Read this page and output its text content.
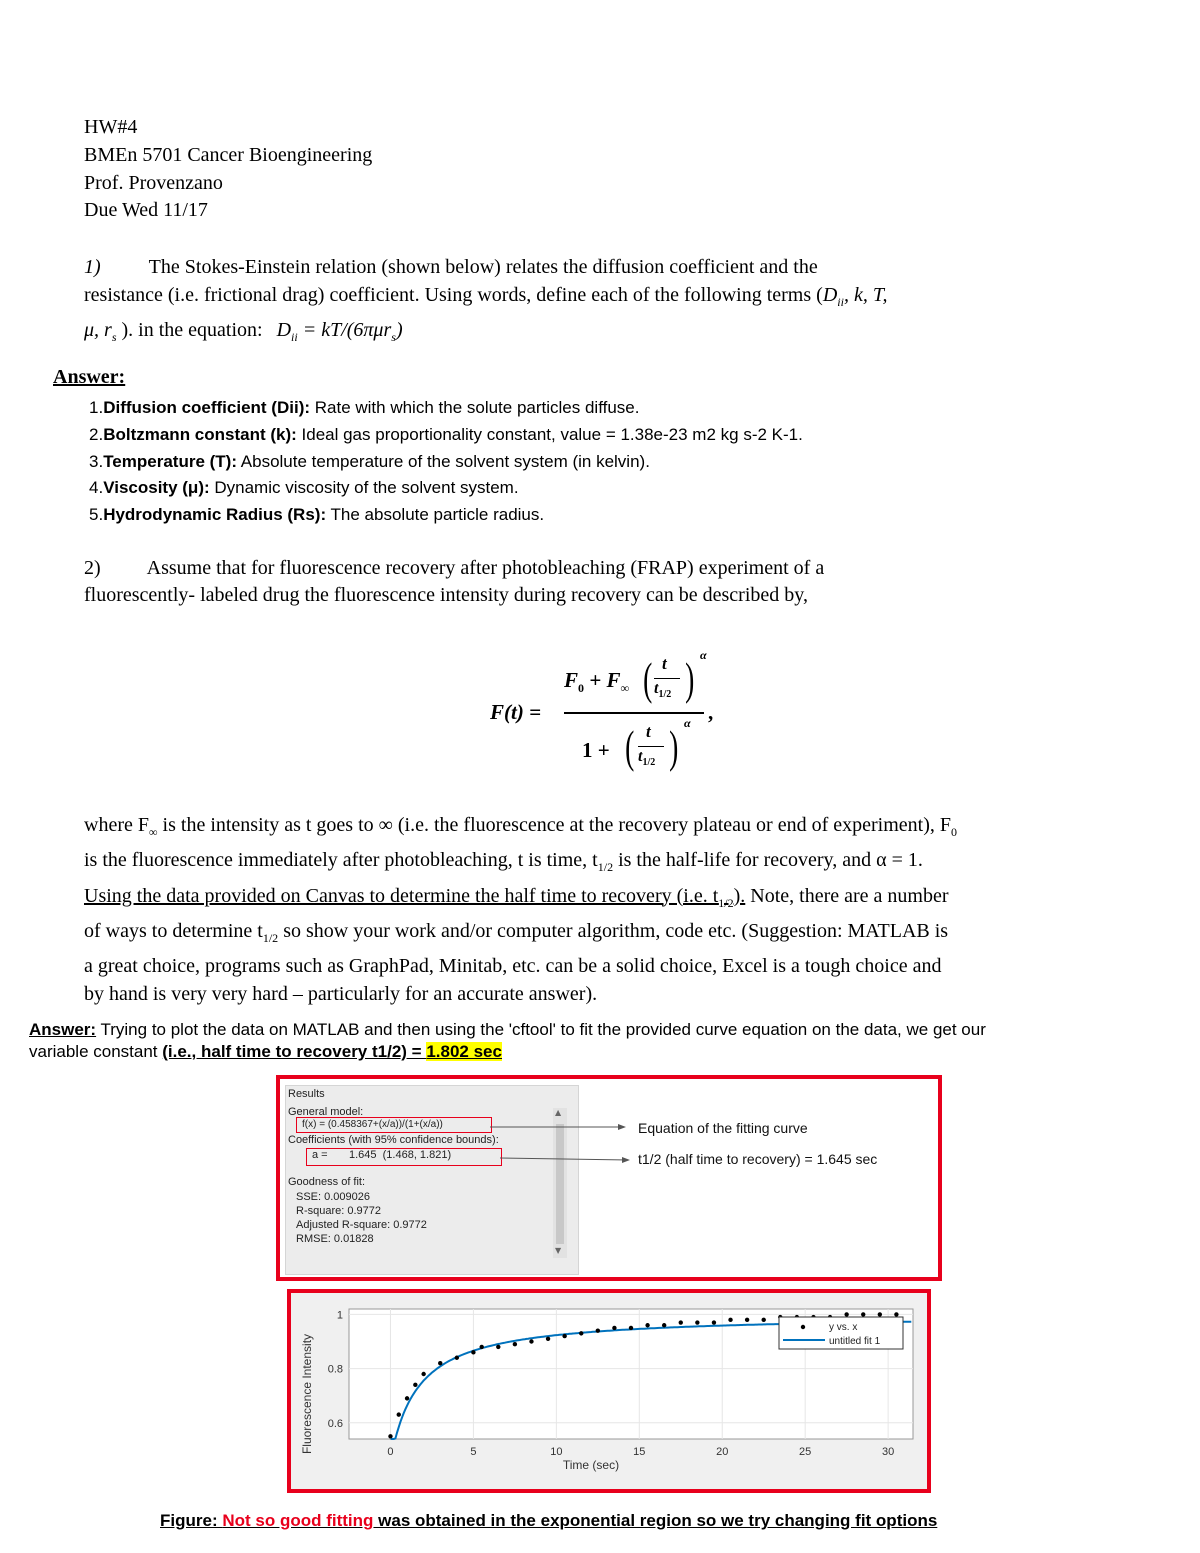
HW#4
BMEn 5701 Cancer Bioengineering
Prof. Provenzano
Due Wed 11/17
1) The Stokes-Einstein relation (shown below) relates the diffusion coefficient and the
resistance (i.e. frictional drag) coefficient. Using words, define each of the following terms ($D_{ii}$, k, T,
μ, $r_s$ ). in the equation: $D_{ii} = kT/(6\pi\mu r_s)$
Answer:
1.Diffusion coefficient (Dii): Rate with which the solute particles diffuse.
2.Boltzmann constant (k): Ideal gas proportionality constant, value = 1.38e-23 m2 kg s-2 K-1.
3.Temperature (T): Absolute temperature of the solvent system (in kelvin).
4.Viscosity (μ): Dynamic viscosity of the solvent system.
5.Hydrodynamic Radius (Rs): The absolute particle radius.
2) Assume that for fluorescence recovery after photobleaching (FRAP) experiment of a
fluorescently- labeled drug the fluorescence intensity during recovery can be described by,
F(t) =
$F_0 + F_\infty$ ( t
$t_{1/2}$ ) α
1 + ( t
$t_{1/2}$ ) α ,
where $F_\infty$ is the intensity as t goes to ∞ (i.e. the fluorescence at the recovery plateau or end of experiment), $F_0$
is the fluorescence immediately after photobleaching, t is time, $t_{1/2}$ is the half-life for recovery, and α = 1.
Using the data provided on Canvas to determine the half time to recovery (i.e. $t_{1/2}$). Note, there are a number
of ways to determine $t_{1/2}$ so show your work and/or computer algorithm, code etc. (Suggestion: MATLAB is
a great choice, programs such as GraphPad, Minitab, etc. can be a solid choice, Excel is a tough choice and
by hand is very very hard – particularly for an accurate answer).
Answer: Trying to plot the data on MATLAB and then using the 'cftool' to fit the provided curve equation on the data, we get our
variable constant (i.e., half time to recovery t1/2) = 1.802 sec
Results
General model:
f(x) = (0.458367+(x/a))/(1+(x/a))
Coefficients (with 95% confidence bounds):
a =       1.645  (1.468, 1.821)
Goodness of fit:
SSE: 0.009026
R-square: 0.9772
Adjusted R-square: 0.9772
RMSE: 0.01828
▲
▼
Equation of the fitting curve
t1/2 (half time to recovery) = 1.645 sec
0	5	10	15	20	25	30
0.6
0.8
1
Time (sec)
Fluorescence Intensity
y vs. x
untitled fit 1
Figure: Not so good fitting was obtained in the exponential region so we try changing fit options
